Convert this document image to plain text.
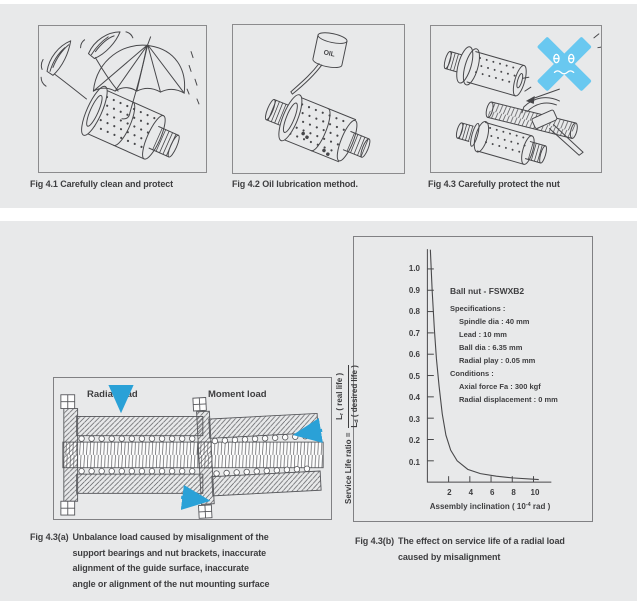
Fig 4.1 Carefully clean and protect
OIL
Fig 4.2 Oil lubrication method.	Fig 4.3 Carefully protect the nut
Radial load	Moment load
Fig 4.3(a) Unbalance load caused by misalignment of the
support bearings and nut brackets, inaccurate
alignment of the guide surface, inaccurate
angle or alignment of the nut mounting surface
1.0
0.9
0.8
0.7
0.6
0.5
0.4
0.3
0.2
0.1
2	4	6	8	10
Service Life ratio =
Lr ( real life )
Ld ( desired life )
Ball nut - FSWXB2
Specifications :
Spindle dia : 40 mm
Lead : 10 mm
Ball dia : 6.35 mm
Radial play : 0.05 mm
Conditions :
Axial force Fa : 300 kgf
Radial displacement : 0 mm
Assembly inclination ( $10^{-4}$ rad )
Fig 4.3(b) The effect on service life of a radial load
caused by misalignment
